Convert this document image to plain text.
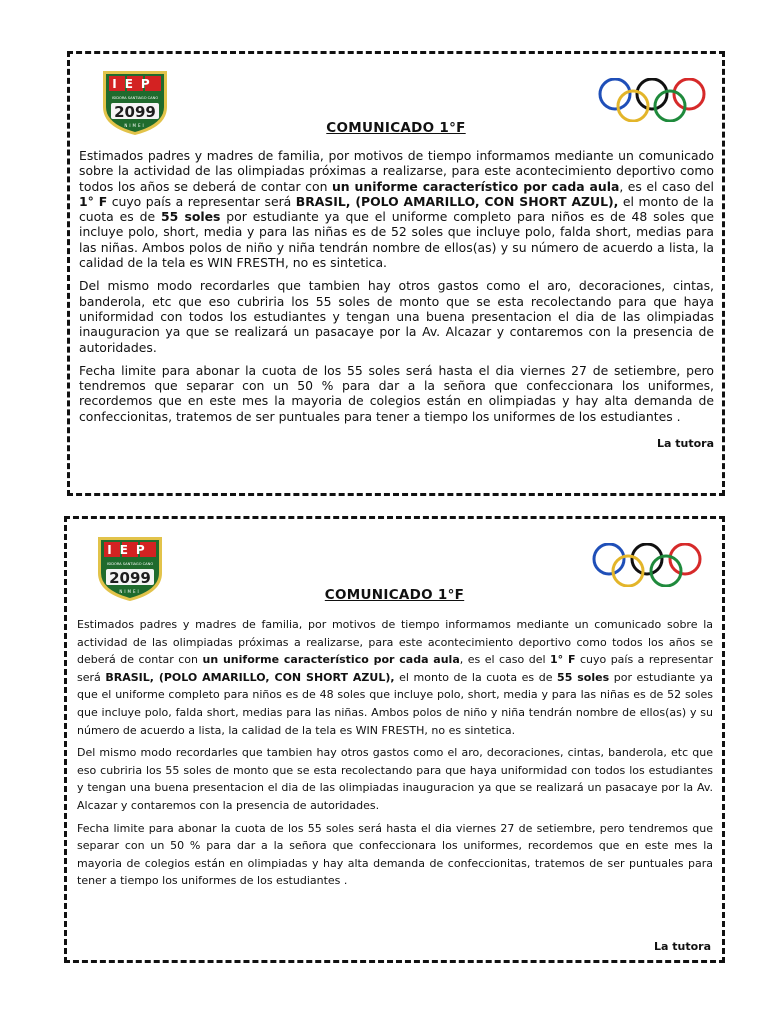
IEP
ISIDORA SANTIAGO CANO
2099
NIMEI	COMUNICADO 1°F

Estimados padres y madres de familia, por motivos de tiempo informamos mediante un comunicado sobre la actividad de las olimpiadas próximas a realizarse, para este acontecimiento deportivo como todos los años se deberá de contar con un uniforme característico por cada aula, es el caso del 1° F cuyo país a representar será BRASIL, (POLO AMARILLO, CON SHORT AZUL), el monto de la cuota es de 55 soles por estudiante ya que el uniforme completo para niños es de 48 soles que incluye polo, short, media y para las niñas es de 52 soles que incluye polo, falda short, medias para las niñas. Ambos polos de niño y niña tendrán nombre de ellos(as) y su número de acuerdo a lista, la calidad de la tela es WIN FRESTH, no es sintetica.

Del mismo modo recordarles que tambien hay otros gastos como el aro, decoraciones, cintas, banderola, etc que eso cubriria los 55 soles de monto que se esta recolectando para que haya uniformidad con todos los estudiantes y tengan una buena presentacion el dia de las olimpiadas inauguracion ya que se realizará un pasacaye por la Av. Alcazar y contaremos con la presencia de autoridades.

Fecha limite para abonar la cuota de los 55 soles será hasta el dia viernes 27 de setiembre, pero tendremos que separar con un 50 % para dar a la señora que confeccionara los uniformes, recordemos que en este mes la mayoria de colegios están en olimpiadas y hay alta demanda de confeccionitas, tratemos de ser puntuales para tener a tiempo los uniformes de los estudiantes .

La tutora
IEP
ISIDORA SANTIAGO CANO
2099
NIMEI	COMUNICADO 1°F

Estimados padres y madres de familia, por motivos de tiempo informamos mediante un comunicado sobre la actividad de las olimpiadas próximas a realizarse, para este acontecimiento deportivo como todos los años se deberá de contar con un uniforme característico por cada aula, es el caso del 1° F cuyo país a representar será BRASIL, (POLO AMARILLO, CON SHORT AZUL), el monto de la cuota es de 55 soles por estudiante ya que el uniforme completo para niños es de 48 soles que incluye polo, short, media y para las niñas es de 52 soles que incluye polo, falda short, medias para las niñas. Ambos polos de niño y niña tendrán nombre de ellos(as) y su número de acuerdo a lista, la calidad de la tela es WIN FRESTH, no es sintetica.

Del mismo modo recordarles que tambien hay otros gastos como el aro, decoraciones, cintas, banderola, etc que eso cubriria los 55 soles de monto que se esta recolectando para que haya uniformidad con todos los estudiantes y tengan una buena presentacion el dia de las olimpiadas inauguracion ya que se realizará un pasacaye por la Av. Alcazar y contaremos con la presencia de autoridades.

Fecha limite para abonar la cuota de los 55 soles será hasta el dia viernes 27 de setiembre, pero tendremos que separar con un 50 % para dar a la señora que confeccionara los uniformes, recordemos que en este mes la mayoria de colegios están en olimpiadas y hay alta demanda de confeccionitas, tratemos de ser puntuales para tener a tiempo los uniformes de los estudiantes .

La tutora
